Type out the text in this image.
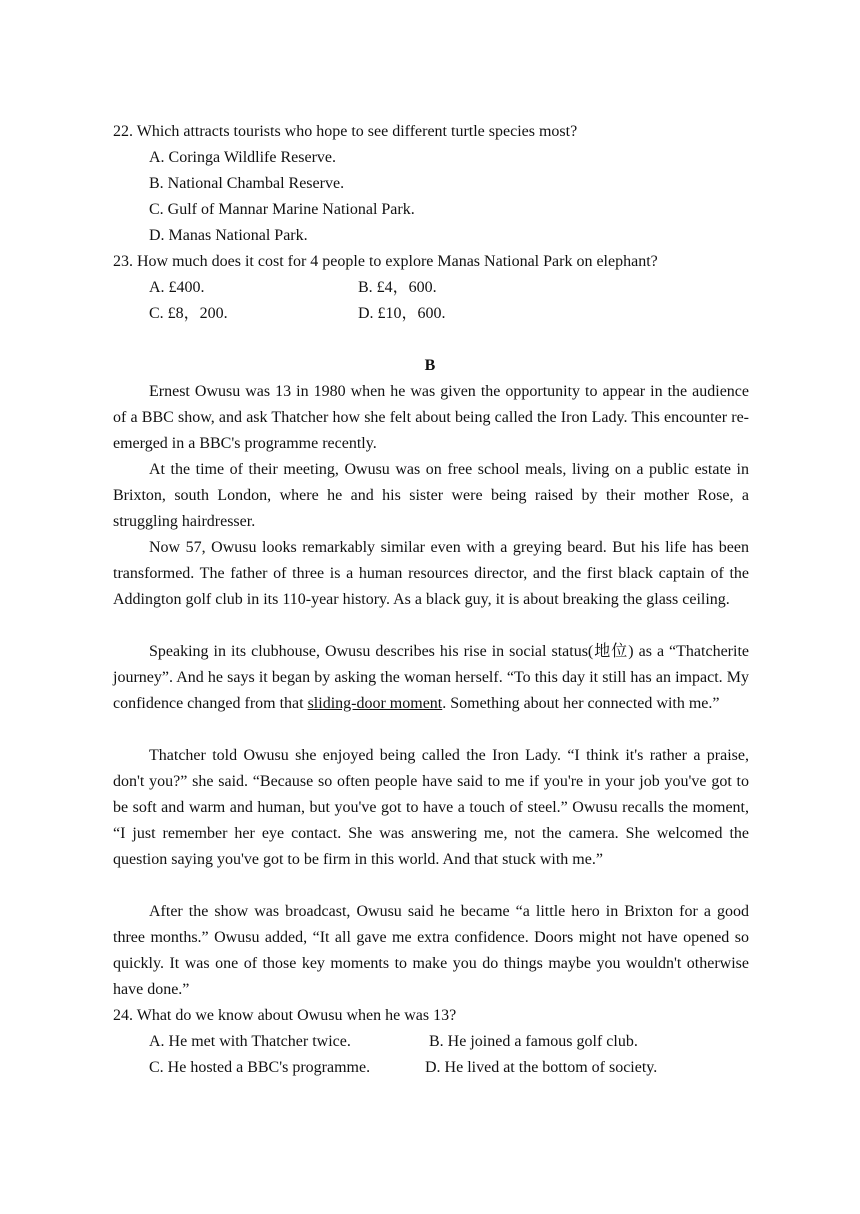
22. Which attracts tourists who hope to see different turtle species most?
A. Coringa Wildlife Reserve.
B. National Chambal Reserve.
C. Gulf of Mannar Marine National Park.
D. Manas National Park.
23. How much does it cost for 4 people to explore Manas National Park on elephant?
A. £400.	B. £4，600.
C. £8，200.	D. £10，600.
B
Ernest Owusu was 13 in 1980 when he was given the opportunity to appear in the audience of a BBC show, and ask Thatcher how she felt about being called the Iron Lady. This encounter re-emerged in a BBC's programme recently.
At the time of their meeting, Owusu was on free school meals, living on a public estate in Brixton, south London, where he and his sister were being raised by their mother Rose, a struggling hairdresser.
Now 57, Owusu looks remarkably similar even with a greying beard. But his life has been transformed. The father of three is a human resources director, and the first black captain of the Addington golf club in its 110-year history. As a black guy, it is about breaking the glass ceiling.
Speaking in its clubhouse, Owusu describes his rise in social status(地位) as a “Thatcherite journey”. And he says it began by asking the woman herself. “To this day it still has an impact. My confidence changed from that sliding-door moment. Something about her connected with me.”
Thatcher told Owusu she enjoyed being called the Iron Lady. “I think it's rather a praise, don't you?” she said. “Because so often people have said to me if you're in your job you've got to be soft and warm and human, but you've got to have a touch of steel.” Owusu recalls the moment, “I just remember her eye contact. She was answering me, not the camera. She welcomed the question saying you've got to be firm in this world. And that stuck with me.”
After the show was broadcast, Owusu said he became “a little hero in Brixton for a good three months.” Owusu added, “It all gave me extra confidence. Doors might not have opened so quickly. It was one of those key moments to make you do things maybe you wouldn't otherwise have done.”
24. What do we know about Owusu when he was 13?
A. He met with Thatcher twice.	B. He joined a famous golf club.
C. He hosted a BBC's programme.	D. He lived at the bottom of society.
